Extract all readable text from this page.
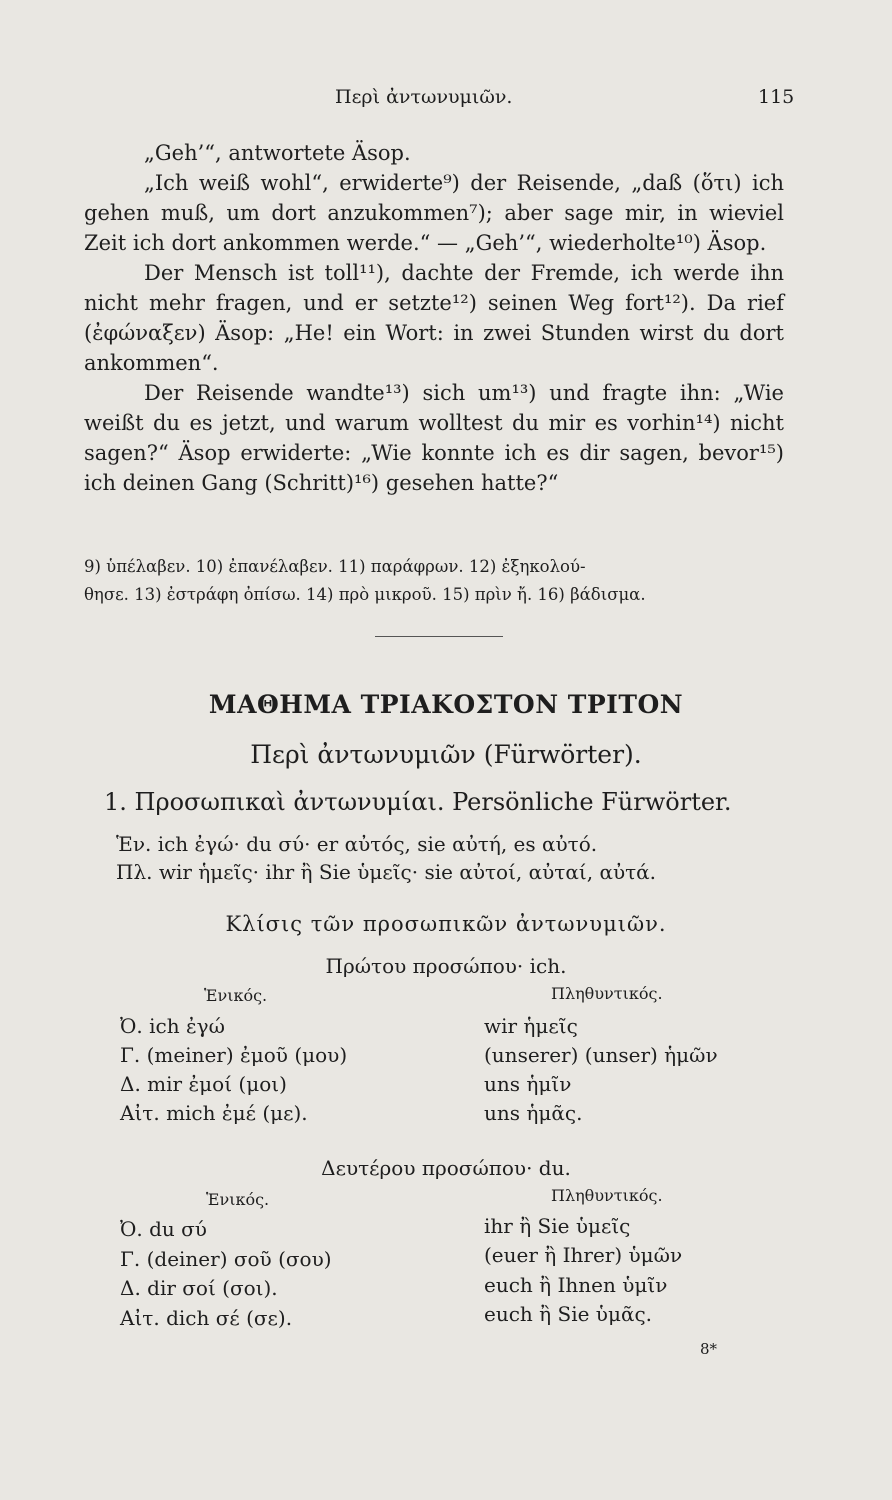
Περὶ ἀντωνυμιῶν.	115

„Geh’“, antwortete Äsop.

„Ich weiß wohl“, erwiderte⁹) der Reisende, „daß (ὅτι) ich gehen muß, um dort anzukommen⁷); aber sage mir, in wieviel Zeit ich dort ankommen werde.“ — „Geh’“, wiederholte¹⁰) Äsop.

Der Mensch ist toll¹¹), dachte der Fremde, ich werde ihn nicht mehr fragen, und er setzte¹²) seinen Weg fort¹²). Da rief (ἐφώναξεν) Äsop: „He! ein Wort: in zwei Stunden wirst du dort ankommen“.

Der Reisende wandte¹³) sich um¹³) und fragte ihn: „Wie weißt du es jetzt, und warum wolltest du mir es vorhin¹⁴) nicht sagen?“ Äsop erwiderte: „Wie konnte ich es dir sagen, bevor¹⁵) ich deinen Gang (Schritt)¹⁶) gesehen hatte?“

9) ὑπέλαβεν. 10) ἐπανέλαβεν. 11) παράφρων. 12) ἐξηκολού-

θησε. 13) ἐστράφη ὀπίσω. 14) πρὸ μικροῦ. 15) πρὶν ἤ. 16) βάδισμα.

ΜΑΘΗΜΑ ΤΡΙΑΚΟΣΤΟΝ ΤΡΙΤΟΝ
Περὶ ἀντωνυμιῶν (Fürwörter).
1. Προσωπικαὶ ἀντωνυμίαι. Persönliche Fürwörter.
Ἑν. ich ἐγώ· du σύ· er αὐτός, sie αὐτή, es αὐτό.
Πλ. wir ἡμεῖς· ihr ἢ Sie ὑμεῖς· sie αὐτοί, αὐταί, αὐτά.
Κλίσις τῶν προσωπικῶν ἀντωνυμιῶν.
Πρώτου προσώπου· ich.
Ἑνικός.	Πληθυντικός.
Ὀ. ich ἐγώ	wir ἡμεῖς
Γ. (meiner) ἐμοῦ (μου)	(unserer) (unser) ἡμῶν
Δ. mir ἐμοί (μοι)	uns ἡμῖν
Αἰτ. mich ἐμέ (με).	uns ἡμᾶς.
Δευτέρου προσώπου· du.
Ἑνικός.	Πληθυντικός.
Ὀ. du σύ	ihr ἢ Sie ὑμεῖς
Γ. (deiner) σοῦ (σου)	(euer ἢ Ihrer) ὑμῶν
Δ. dir σοί (σοι).	euch ἢ Ihnen ὑμῖν
Αἰτ. dich σέ (σε).	euch ἢ Sie ὑμᾶς.
8*
